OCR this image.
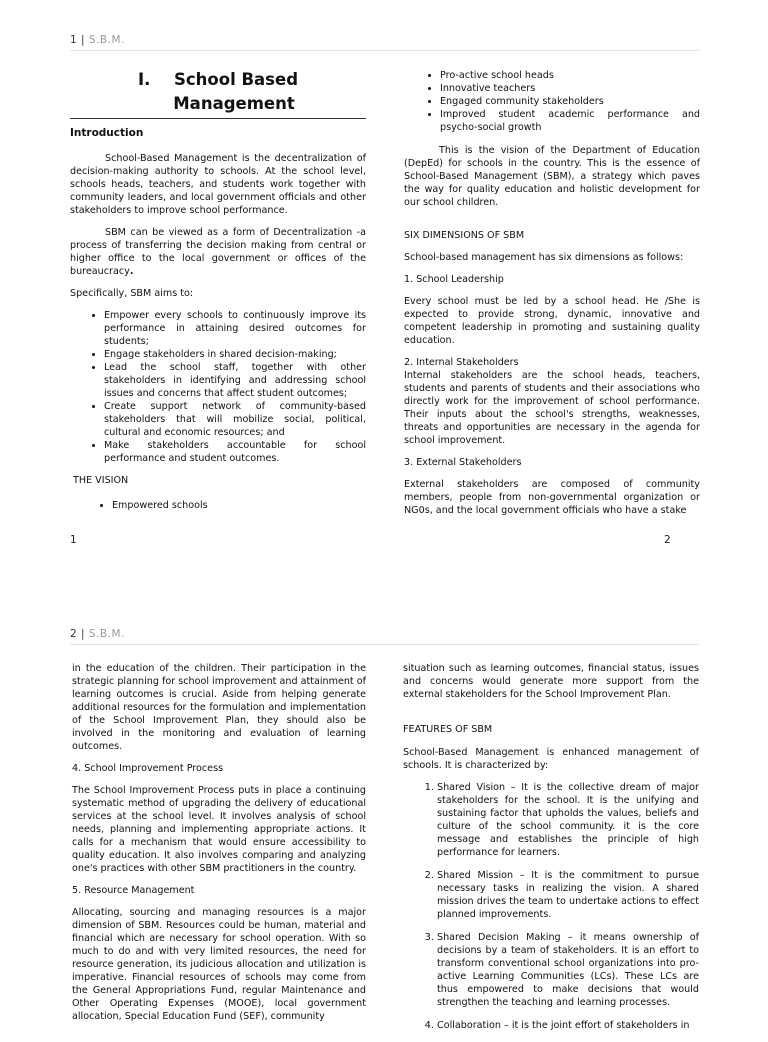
1 | S.B.M.
I. School Based
Management
Introduction

School-Based Management is the decentralization of decision-making authority to schools. At the school level, schools heads, teachers, and students work together with community leaders, and local government officials and other stakeholders to improve school performance.

SBM can be viewed as a form of Decentralization -a process of transferring the decision making from central or higher office to the local government or offices of the bureaucracy.

Specifically, SBM aims to:

• Empower every schools to continuously improve its performance in attaining desired outcomes for students;
• Engage stakeholders in shared decision-making;
• Lead the school staff, together with other stakeholders in identifying and addressing school issues and concerns that affect student outcomes;
• Create support network of community-based stakeholders that will mobilize social, political, cultural and economic resources; and
• Make stakeholders accountable for school performance and student outcomes.

THE VISION

• Empowered schools
• Pro-active school heads
• Innovative teachers
• Engaged community stakeholders
• Improved student academic performance and psycho-social growth

This is the vision of the Department of Education (DepEd) for schools in the country. This is the essence of School-Based Management (SBM), a strategy which paves the way for quality education and holistic development for our school children.

SIX DIMENSIONS OF SBM

School-based management has six dimensions as follows:

1. School Leadership

Every school must be led by a school head. He /She is expected to provide strong, dynamic, innovative and competent leadership in promoting and sustaining quality education.

2. Internal Stakeholders

Internal stakeholders are the school heads, teachers, students and parents of students and their associations who directly work for the improvement of school performance. Their inputs about the school's strengths, weaknesses, threats and opportunities are necessary in the agenda for school improvement.

3. External Stakeholders

External stakeholders are composed of community members, people from non-governmental organization or NG0s, and the local government officials who have a stake

1	2
2 | S.B.M.

in the education of the children. Their participation in the strategic planning for school improvement and attainment of learning outcomes is crucial. Aside from helping generate additional resources for the formulation and implementation of the School Improvement Plan, they should also be involved in the monitoring and evaluation of learning outcomes.

4. School Improvement Process

The School Improvement Process puts in place a continuing systematic method of upgrading the delivery of educational services at the school level. It involves analysis of school needs, planning and implementing appropriate actions. It calls for a mechanism that would ensure accessibility to quality education. It also involves comparing and analyzing one's practices with other SBM practitioners in the country.

5. Resource Management

Allocating, sourcing and managing resources is a major dimension of SBM. Resources could be human, material and financial which are necessary for school operation. With so much to do and with very limited resources, the need for resource generation, its judicious allocation and utilization is imperative. Financial resources of schools may come from the General Appropriations Fund, regular Maintenance and Other Operating Expenses (MOOE), local government allocation, Special Education Fund (SEF), community

situation such as learning outcomes, financial status, issues and concerns would generate more support from the external stakeholders for the School Improvement Plan.

FEATURES OF SBM

School-Based Management is enhanced management of schools. It is characterized by:

1. Shared Vision – It is the collective dream of major stakeholders for the school. It is the unifying and sustaining factor that upholds the values, beliefs and culture of the school community. it is the core message and establishes the principle of high performance for learners.
2. Shared Mission – It is the commitment to pursue necessary tasks in realizing the vision. A shared mission drives the team to undertake actions to effect planned improvements.
3. Shared Decision Making – it means ownership of decisions by a team of stakeholders. It is an effort to transform conventional school organizations into pro-active Learning Communities (LCs). These LCs are thus empowered to make decisions that would strengthen the teaching and learning processes.
4. Collaboration – it is the joint effort of stakeholders in
